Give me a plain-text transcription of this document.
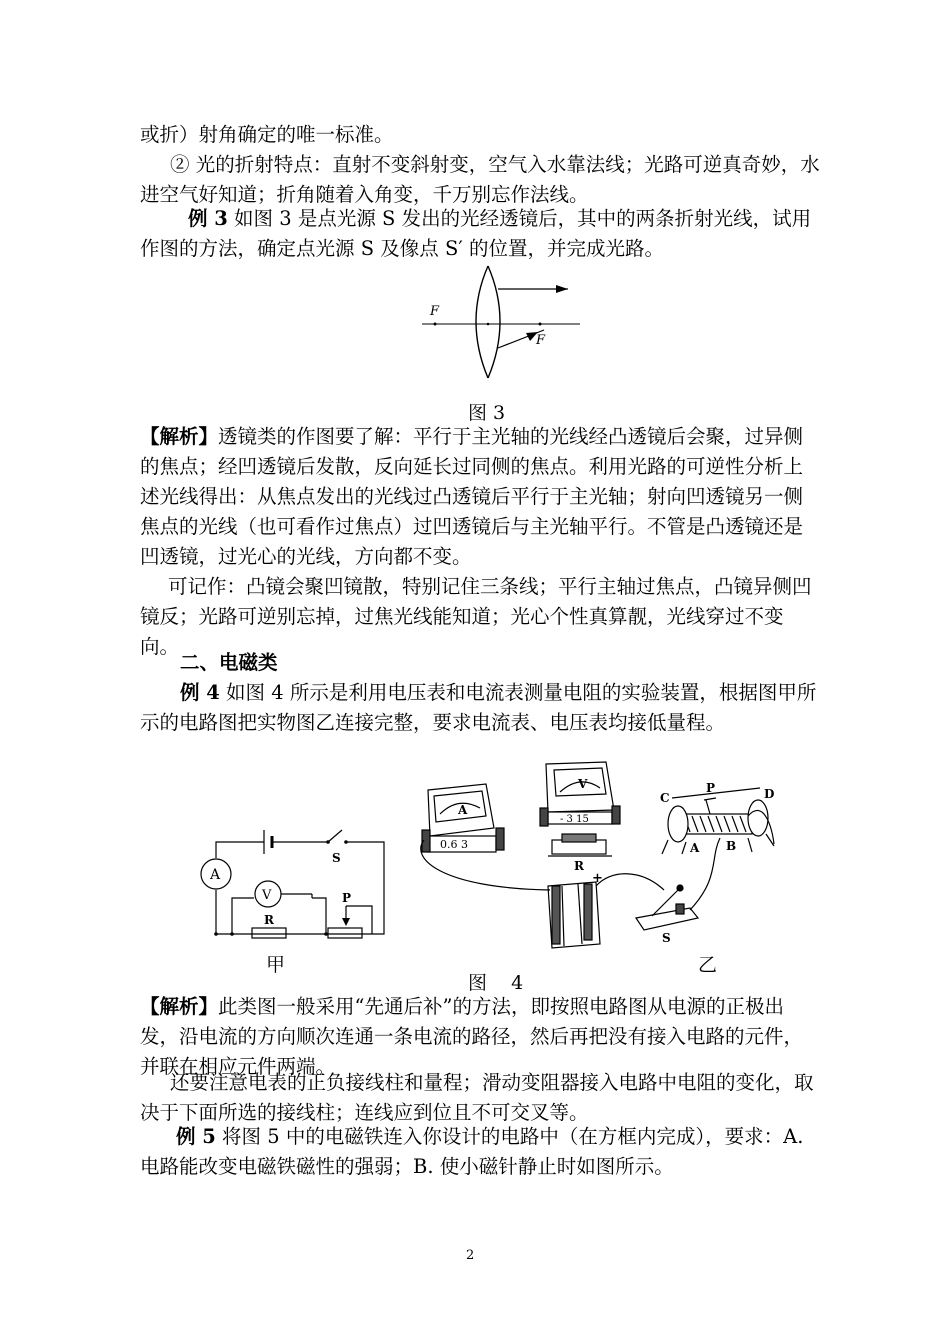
或折）射角确定的唯一标准。

② 光的折射特点：直射不变斜射变，空气入水靠法线；光路可逆真奇妙，水进空气好知道；折角随着入角变，千万别忘作法线。

例 3 如图 3 是点光源 S 发出的光经透镜后，其中的两条折射光线，试用作图的方法，确定点光源 S 及像点 S′ 的位置，并完成光路。

F
F
图 3

【解析】透镜类的作图要了解：平行于主光轴的光线经凸透镜后会聚，过异侧的焦点；经凹透镜后发散，反向延长过同侧的焦点。利用光路的可逆性分析上述光线得出：从焦点发出的光线过凸透镜后平行于主光轴；射向凹透镜另一侧焦点的光线（也可看作过焦点）过凹透镜后与主光轴平行。不管是凸透镜还是凹透镜，过光心的光线，方向都不变。

可记作：凸镜会聚凹镜散，特别记住三条线；平行主轴过焦点，凸镜异侧凹镜反；光路可逆别忘掉，过焦光线能知道；光心个性真算靓，光线穿过不变向。

二、电磁类

例 4 如图 4 所示是利用电压表和电流表测量电阻的实验装置，根据图甲所示的电路图把实物图乙连接完整，要求电流表、电压表均接低量程。

A
V
R
P
S
甲
A
0.6 3
V
- 3 15
R
C
P	D
A B
+
S
乙
图    4

【解析】此类图一般采用“先通后补”的方法，即按照电路图从电源的正极出发，沿电流的方向顺次连通一条电流的路径，然后再把没有接入电路的元件，并联在相应元件两端。

还要注意电表的正负接线柱和量程；滑动变阻器接入电路中电阻的变化，取决于下面所选的接线柱；连线应到位且不可交叉等。

例 5 将图 5 中的电磁铁连入你设计的电路中（在方框内完成），要求：A. 电路能改变电磁铁磁性的强弱；B. 使小磁针静止时如图所示。

2
